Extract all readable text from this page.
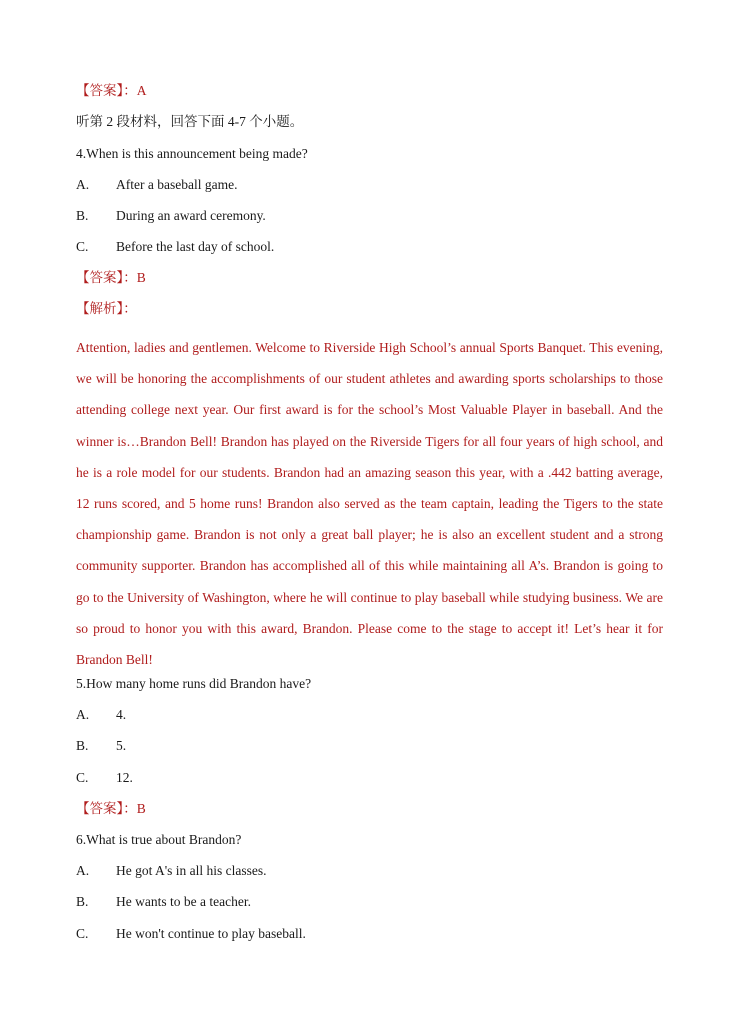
【答案】：A
听第 2 段材料，回答下面 4-7 个小题。
4.When is this announcement being made?
A. After a baseball game.
B. During an award ceremony.
C. Before the last day of school.
【答案】：B
【解析】：
Attention, ladies and gentlemen. Welcome to Riverside High School’s annual Sports Banquet. This evening, we will be honoring the accomplishments of our student athletes and awarding sports scholarships to those attending college next year. Our first award is for the school’s Most Valuable Player in baseball. And the winner is…Brandon Bell! Brandon has played on the Riverside Tigers for all four years of high school, and he is a role model for our students. Brandon had an amazing season this year, with a .442 batting average, 12 runs scored, and 5 home runs! Brandon also served as the team captain, leading the Tigers to the state championship game. Brandon is not only a great ball player; he is also an excellent student and a strong community supporter. Brandon has accomplished all of this while maintaining all A’s. Brandon is going to go to the University of Washington, where he will continue to play baseball while studying business. We are so proud to honor you with this award, Brandon. Please come to the stage to accept it! Let’s hear it for Brandon Bell!
5.How many home runs did Brandon have?
A. 4.
B. 5.
C. 12.
【答案】：B
6.What is true about Brandon?
A. He got A's in all his classes.
B. He wants to be a teacher.
C. He won't continue to play baseball.
